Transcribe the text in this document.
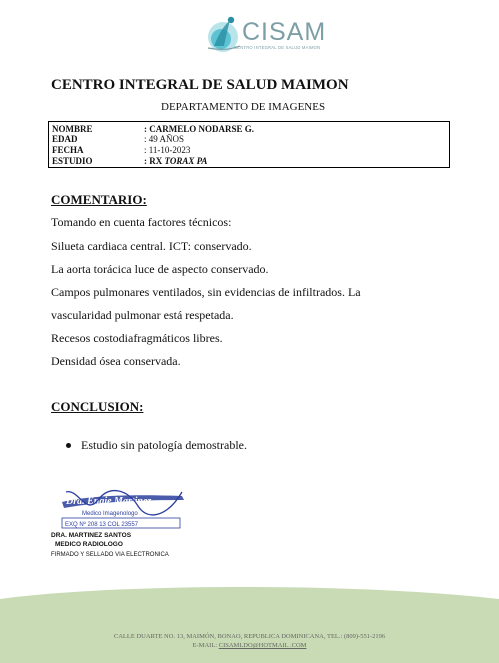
CISAM
CENTRO INTEGRAL DE SALUD MAIMON
CENTRO INTEGRAL DE SALUD MAIMON
DEPARTAMENTO DE IMAGENES
NOMBRE	: CARMELO NODARSE G.
EDAD	: 49 AÑOS
FECHA	: 11-10-2023
ESTUDIO	: RX TORAX PA
COMENTARIO:
Tomando en cuenta factores técnicos:
Silueta cardiaca central. ICT: conservado.
La aorta torácica luce de aspecto conservado.
Campos pulmonares ventilados, sin evidencias de infiltrados. La
vascularidad pulmonar está respetada.
Recesos costodiafragmáticos libres.
Densidad ósea conservada.
CONCLUSION:
Estudio sin patología demostrable.
Dra. Engie Martinez
Medico Imagenologo
EXQ Nº 208 13 COL 23557
DRA. MARTINEZ SANTOS
MEDICO RADIOLOGO
FIRMADO Y SELLADO VIA ELECTRONICA
CALLE DUARTE NO. 13, MAIMÓN, BONAO, REPUBLICA DOMINICANA, TEL.: (809)-551-2196
E-MAIL: CISAMLDO@HOTMAIL .COM
